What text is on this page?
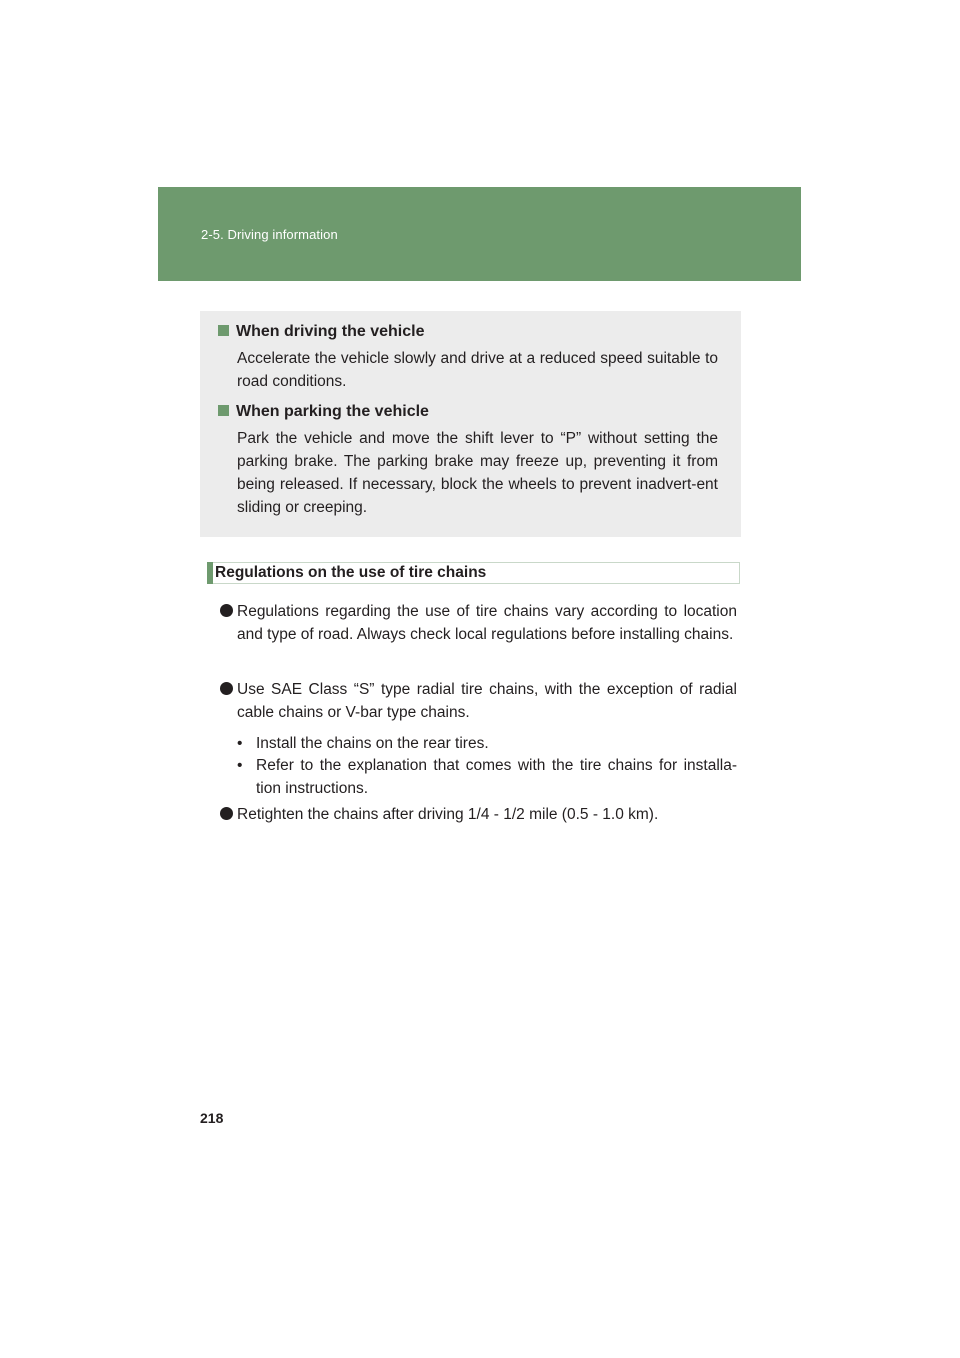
2-5. Driving information
When driving the vehicle
Accelerate the vehicle slowly and drive at a reduced speed suitable to road conditions.
When parking the vehicle
Park the vehicle and move the shift lever to “P” without setting the parking brake. The parking brake may freeze up, preventing it from being released. If necessary, block the wheels to prevent inadvert-ent sliding or creeping.
Regulations on the use of tire chains
Regulations regarding the use of tire chains vary according to location and type of road. Always check local regulations before installing chains.
Use SAE Class “S” type radial tire chains, with the exception of radial cable chains or V-bar type chains.
• Install the chains on the rear tires.
• Refer to the explanation that comes with the tire chains for installa-tion instructions.
Retighten the chains after driving 1/4 - 1/2 mile (0.5 - 1.0 km).
218
